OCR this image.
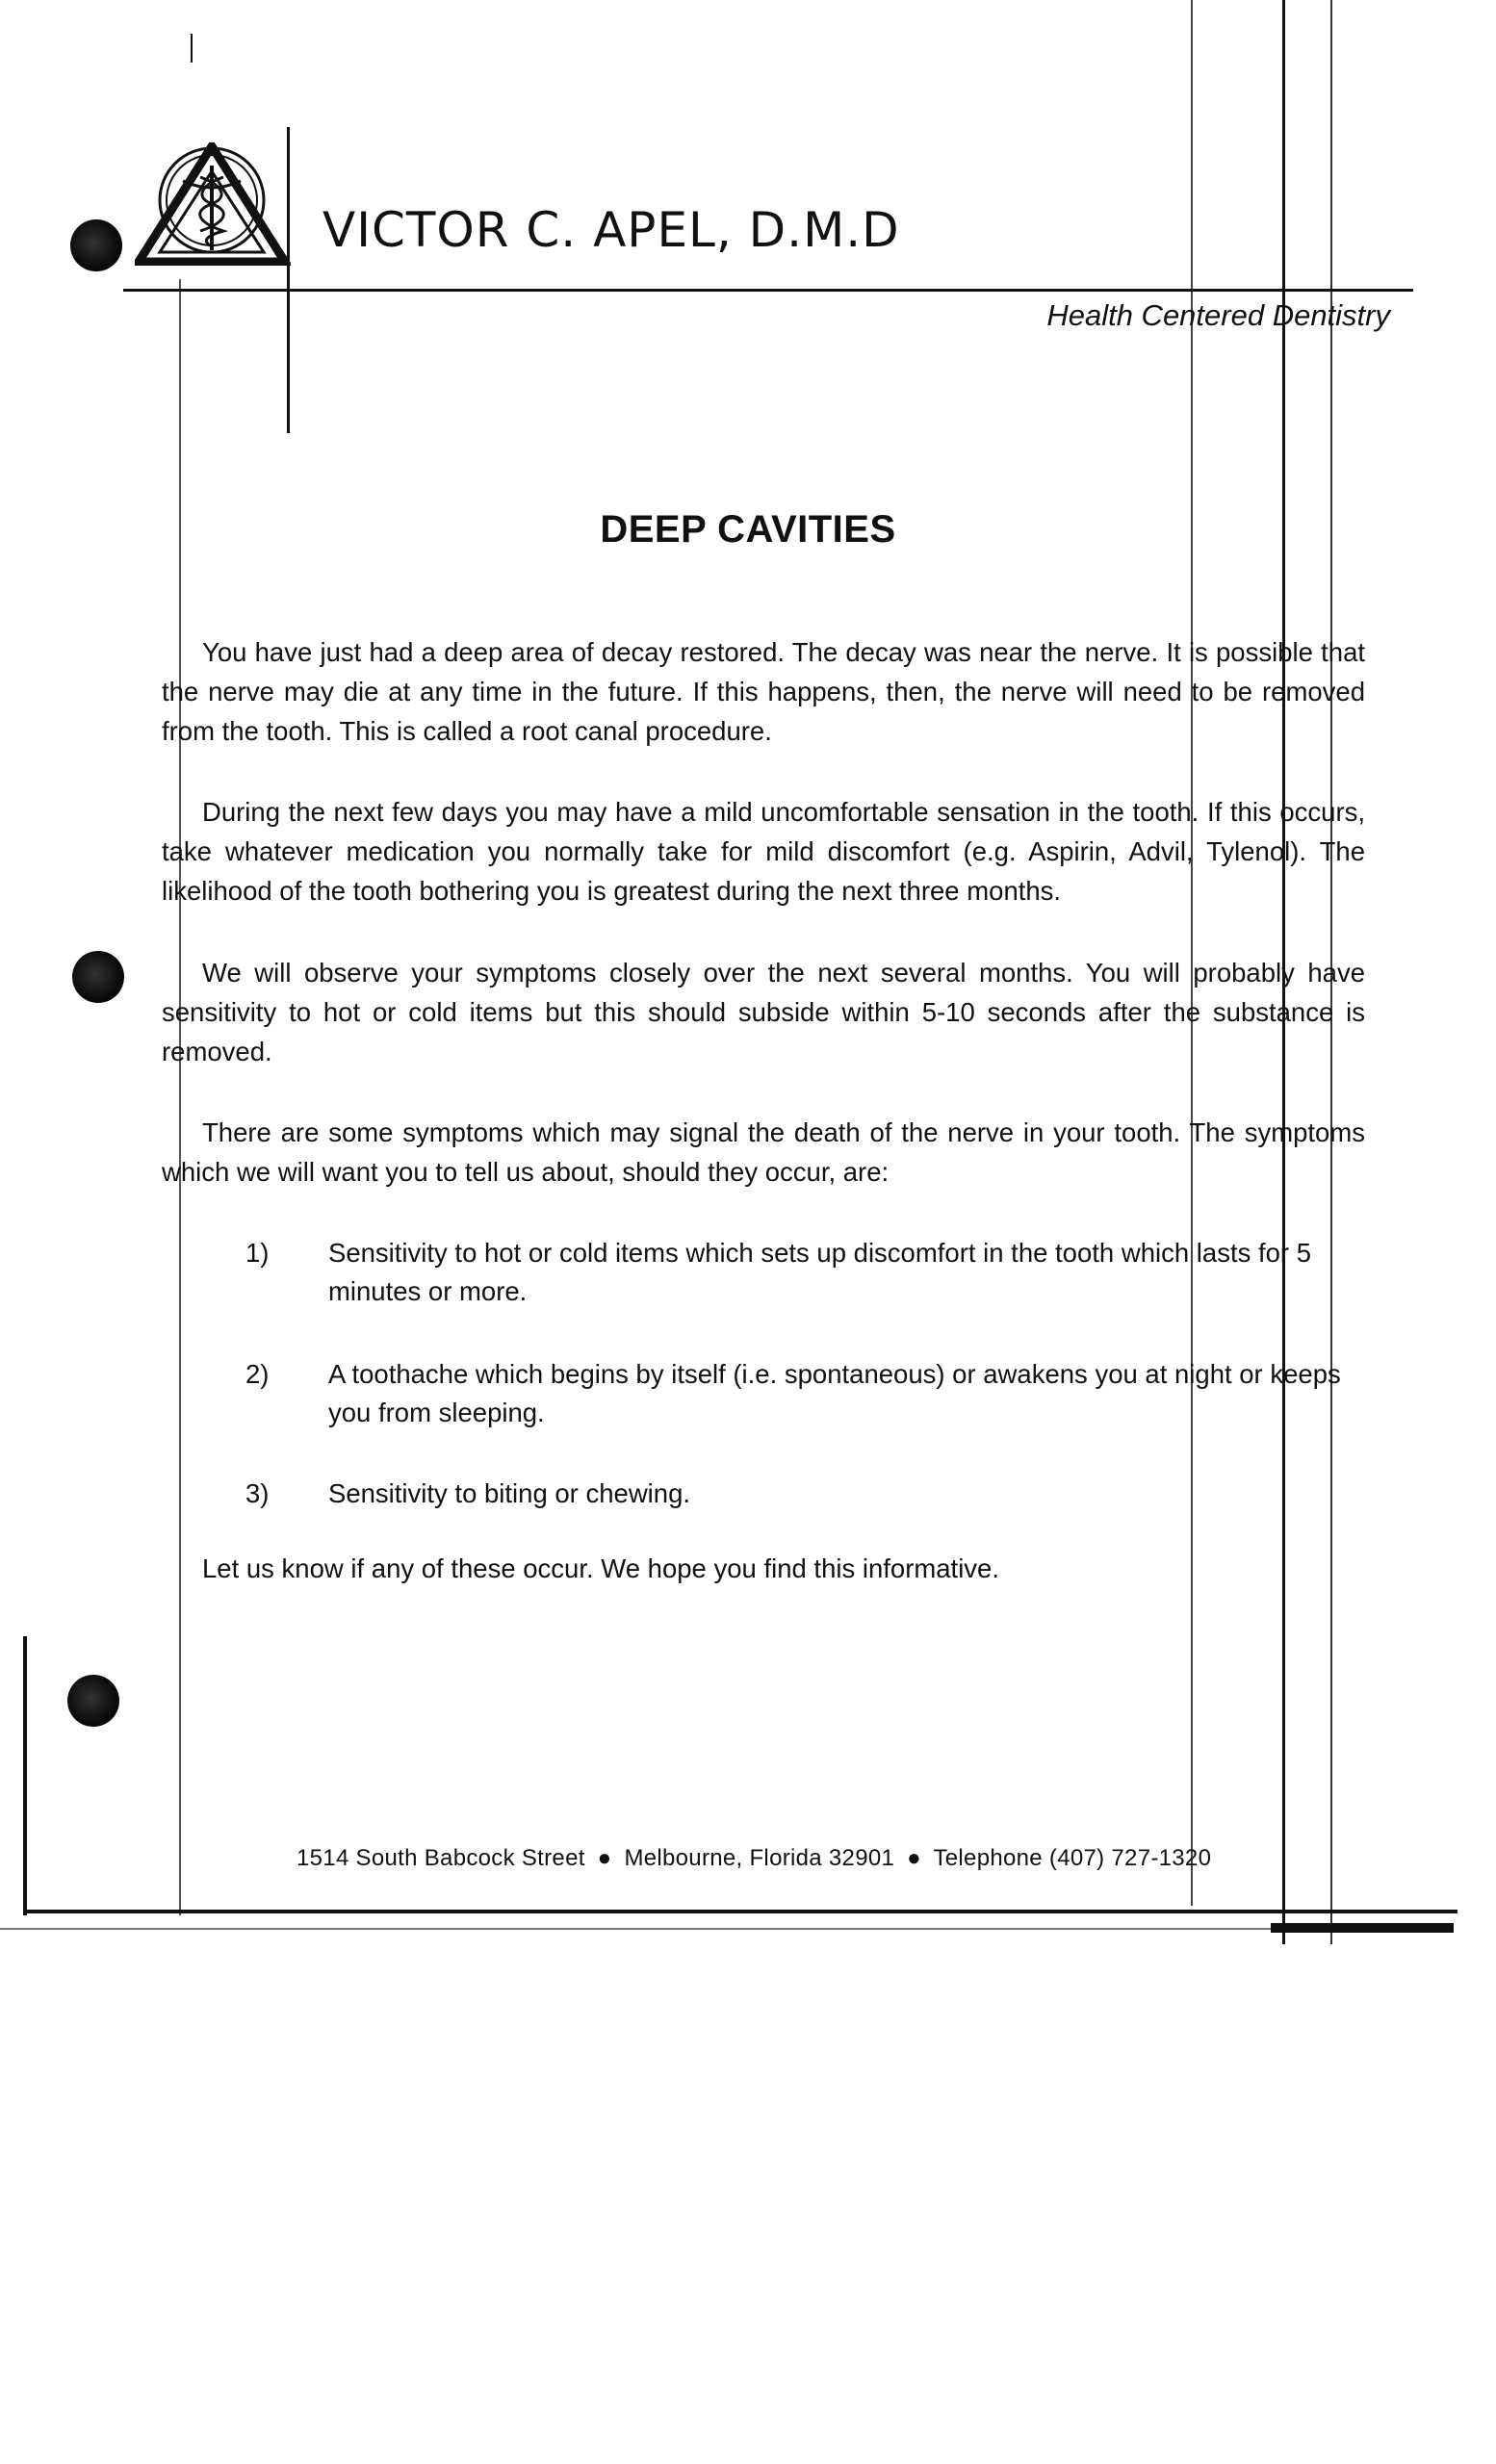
VICTOR C. APEL, D.M.D
Health Centered Dentistry
DEEP CAVITIES
You have just had a deep area of decay restored. The decay was near the nerve. It is possible that the nerve may die at any time in the future. If this happens, then, the nerve will need to be removed from the tooth. This is called a root canal procedure.
During the next few days you may have a mild uncomfortable sensation in the tooth. If this occurs, take whatever medication you normally take for mild discomfort (e.g. Aspirin, Advil, Tylenol). The likelihood of the tooth bothering you is greatest during the next three months.
We will observe your symptoms closely over the next several months. You will probably have sensitivity to hot or cold items but this should subside within 5-10 seconds after the substance is removed.
There are some symptoms which may signal the death of the nerve in your tooth. The symptoms which we will want you to tell us about, should they occur, are:
1)	Sensitivity to hot or cold items which sets up discomfort in the tooth which lasts for 5 minutes or more.
2)	A toothache which begins by itself (i.e. spontaneous) or awakens you at night or keeps you from sleeping.
3)	Sensitivity to biting or chewing.
Let us know if any of these occur. We hope you find this informative.
1514 South Babcock Street ● Melbourne, Florida 32901 ● Telephone (407) 727-1320
